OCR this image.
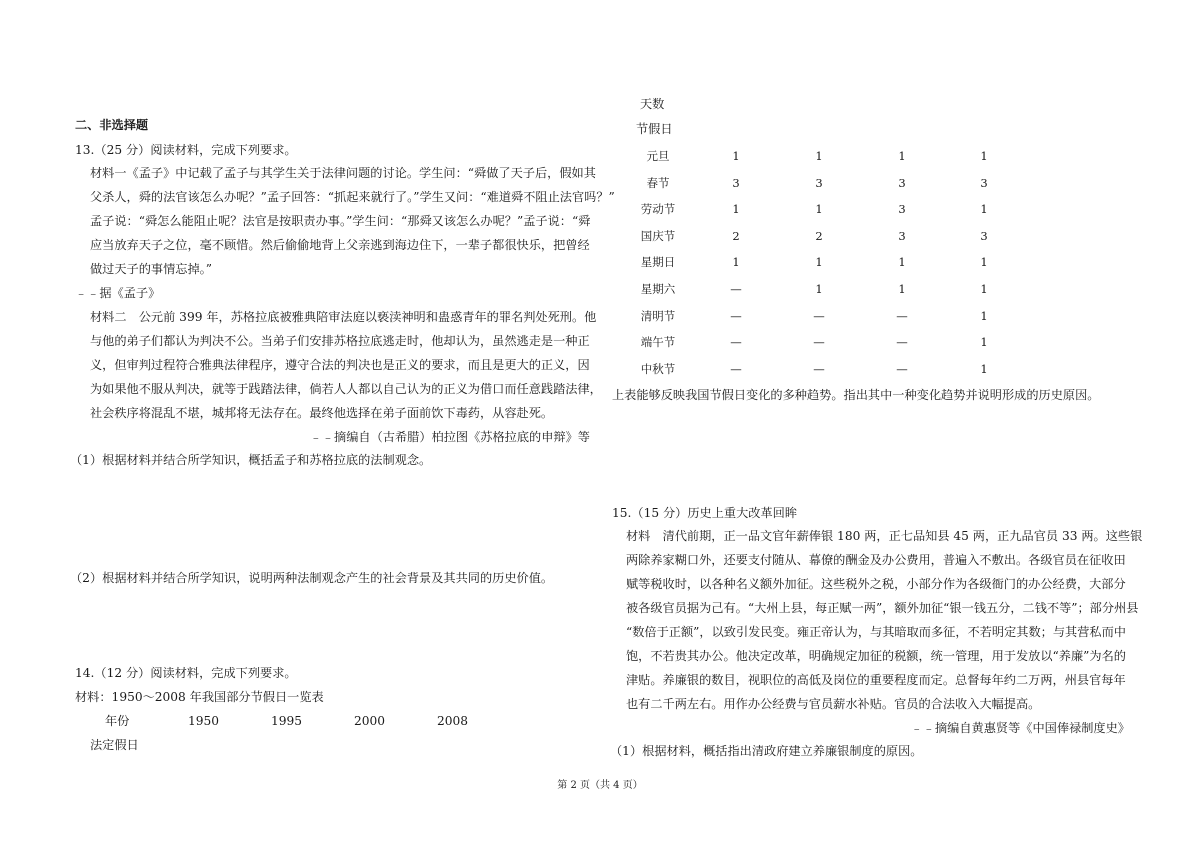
二、非选择题
13.（25 分）阅读材料，完成下列要求。
材料一《孟子》中记载了孟子与其学生关于法律问题的讨论。学生问：“舜做了天子后，假如其
父杀人，舜的法官该怎么办呢？”孟子回答：“抓起来就行了。”学生又问：“难道舜不阻止法官吗？”
孟子说：“舜怎么能阻止呢？法官是按职责办事。”学生问：“那舜又该怎么办呢？”孟子说：“舜
应当放弃天子之位，毫不顾惜。然后偷偷地背上父亲逃到海边住下，一辈子都很快乐，把曾经
做过天子的事情忘掉。”
﹣﹣据《孟子》
材料二　公元前 399 年，苏格拉底被雅典陪审法庭以亵渎神明和蛊惑青年的罪名判处死刑。他
与他的弟子们都认为判决不公。当弟子们安排苏格拉底逃走时，他却认为，虽然逃走是一种正
义，但审判过程符合雅典法律程序，遵守合法的判决也是正义的要求，而且是更大的正义，因
为如果他不服从判决，就等于践踏法律，倘若人人都以自己认为的正义为借口而任意践踏法律，
社会秩序将混乱不堪，城邦将无法存在。最终他选择在弟子面前饮下毒药，从容赴死。
﹣﹣摘编自（古希腊）柏拉图《苏格拉底的申辩》等
（1）根据材料并结合所学知识，概括孟子和苏格拉底的法制观念。
（2）根据材料并结合所学知识，说明两种法制观念产生的社会背景及其共同的历史价值。
14.（12 分）阅读材料，完成下列要求。
材料：1950～2008 年我国部分节假日一览表
年份	1950	1995	2000	2008
法定假日
天数
节假日
元旦	1	1	1	1
春节	3	3	3	3
劳动节	1	1	3	1
国庆节	2	2	3	3
星期日	1	1	1	1
星期六	—	1	1	1
清明节	—	—	—	1
端午节	—	—	—	1
中秋节	—	—	—	1
上表能够反映我国节假日变化的多种趋势。指出其中一种变化趋势并说明形成的历史原因。
15.（15 分）历史上重大改革回眸
材料　清代前期，正一品文官年薪俸银 180 两，正七品知县 45 两，正九品官员 33 两。这些银
两除养家糊口外，还要支付随从、幕僚的酬金及办公费用，普遍入不敷出。各级官员在征收田
赋等税收时，以各种名义额外加征。这些税外之税，小部分作为各级衙门的办公经费，大部分
被各级官员据为己有。“大州上县，每正赋一两”，额外加征“银一钱五分，二钱不等”；部分州县
“数倍于正额”，以致引发民变。雍正帝认为，与其暗取而多征，不若明定其数；与其营私而中
饱，不若贵其办公。他决定改革，明确规定加征的税额，统一管理，用于发放以“养廉”为名的
津贴。养廉银的数目，视职位的高低及岗位的重要程度而定。总督每年约二万两，州县官每年
也有二千两左右。用作办公经费与官员薪水补贴。官员的合法收入大幅提高。
﹣﹣摘编自黄惠贤等《中国俸禄制度史》
（1）根据材料，概括指出清政府建立养廉银制度的原因。
第 2 页（共 4 页）
